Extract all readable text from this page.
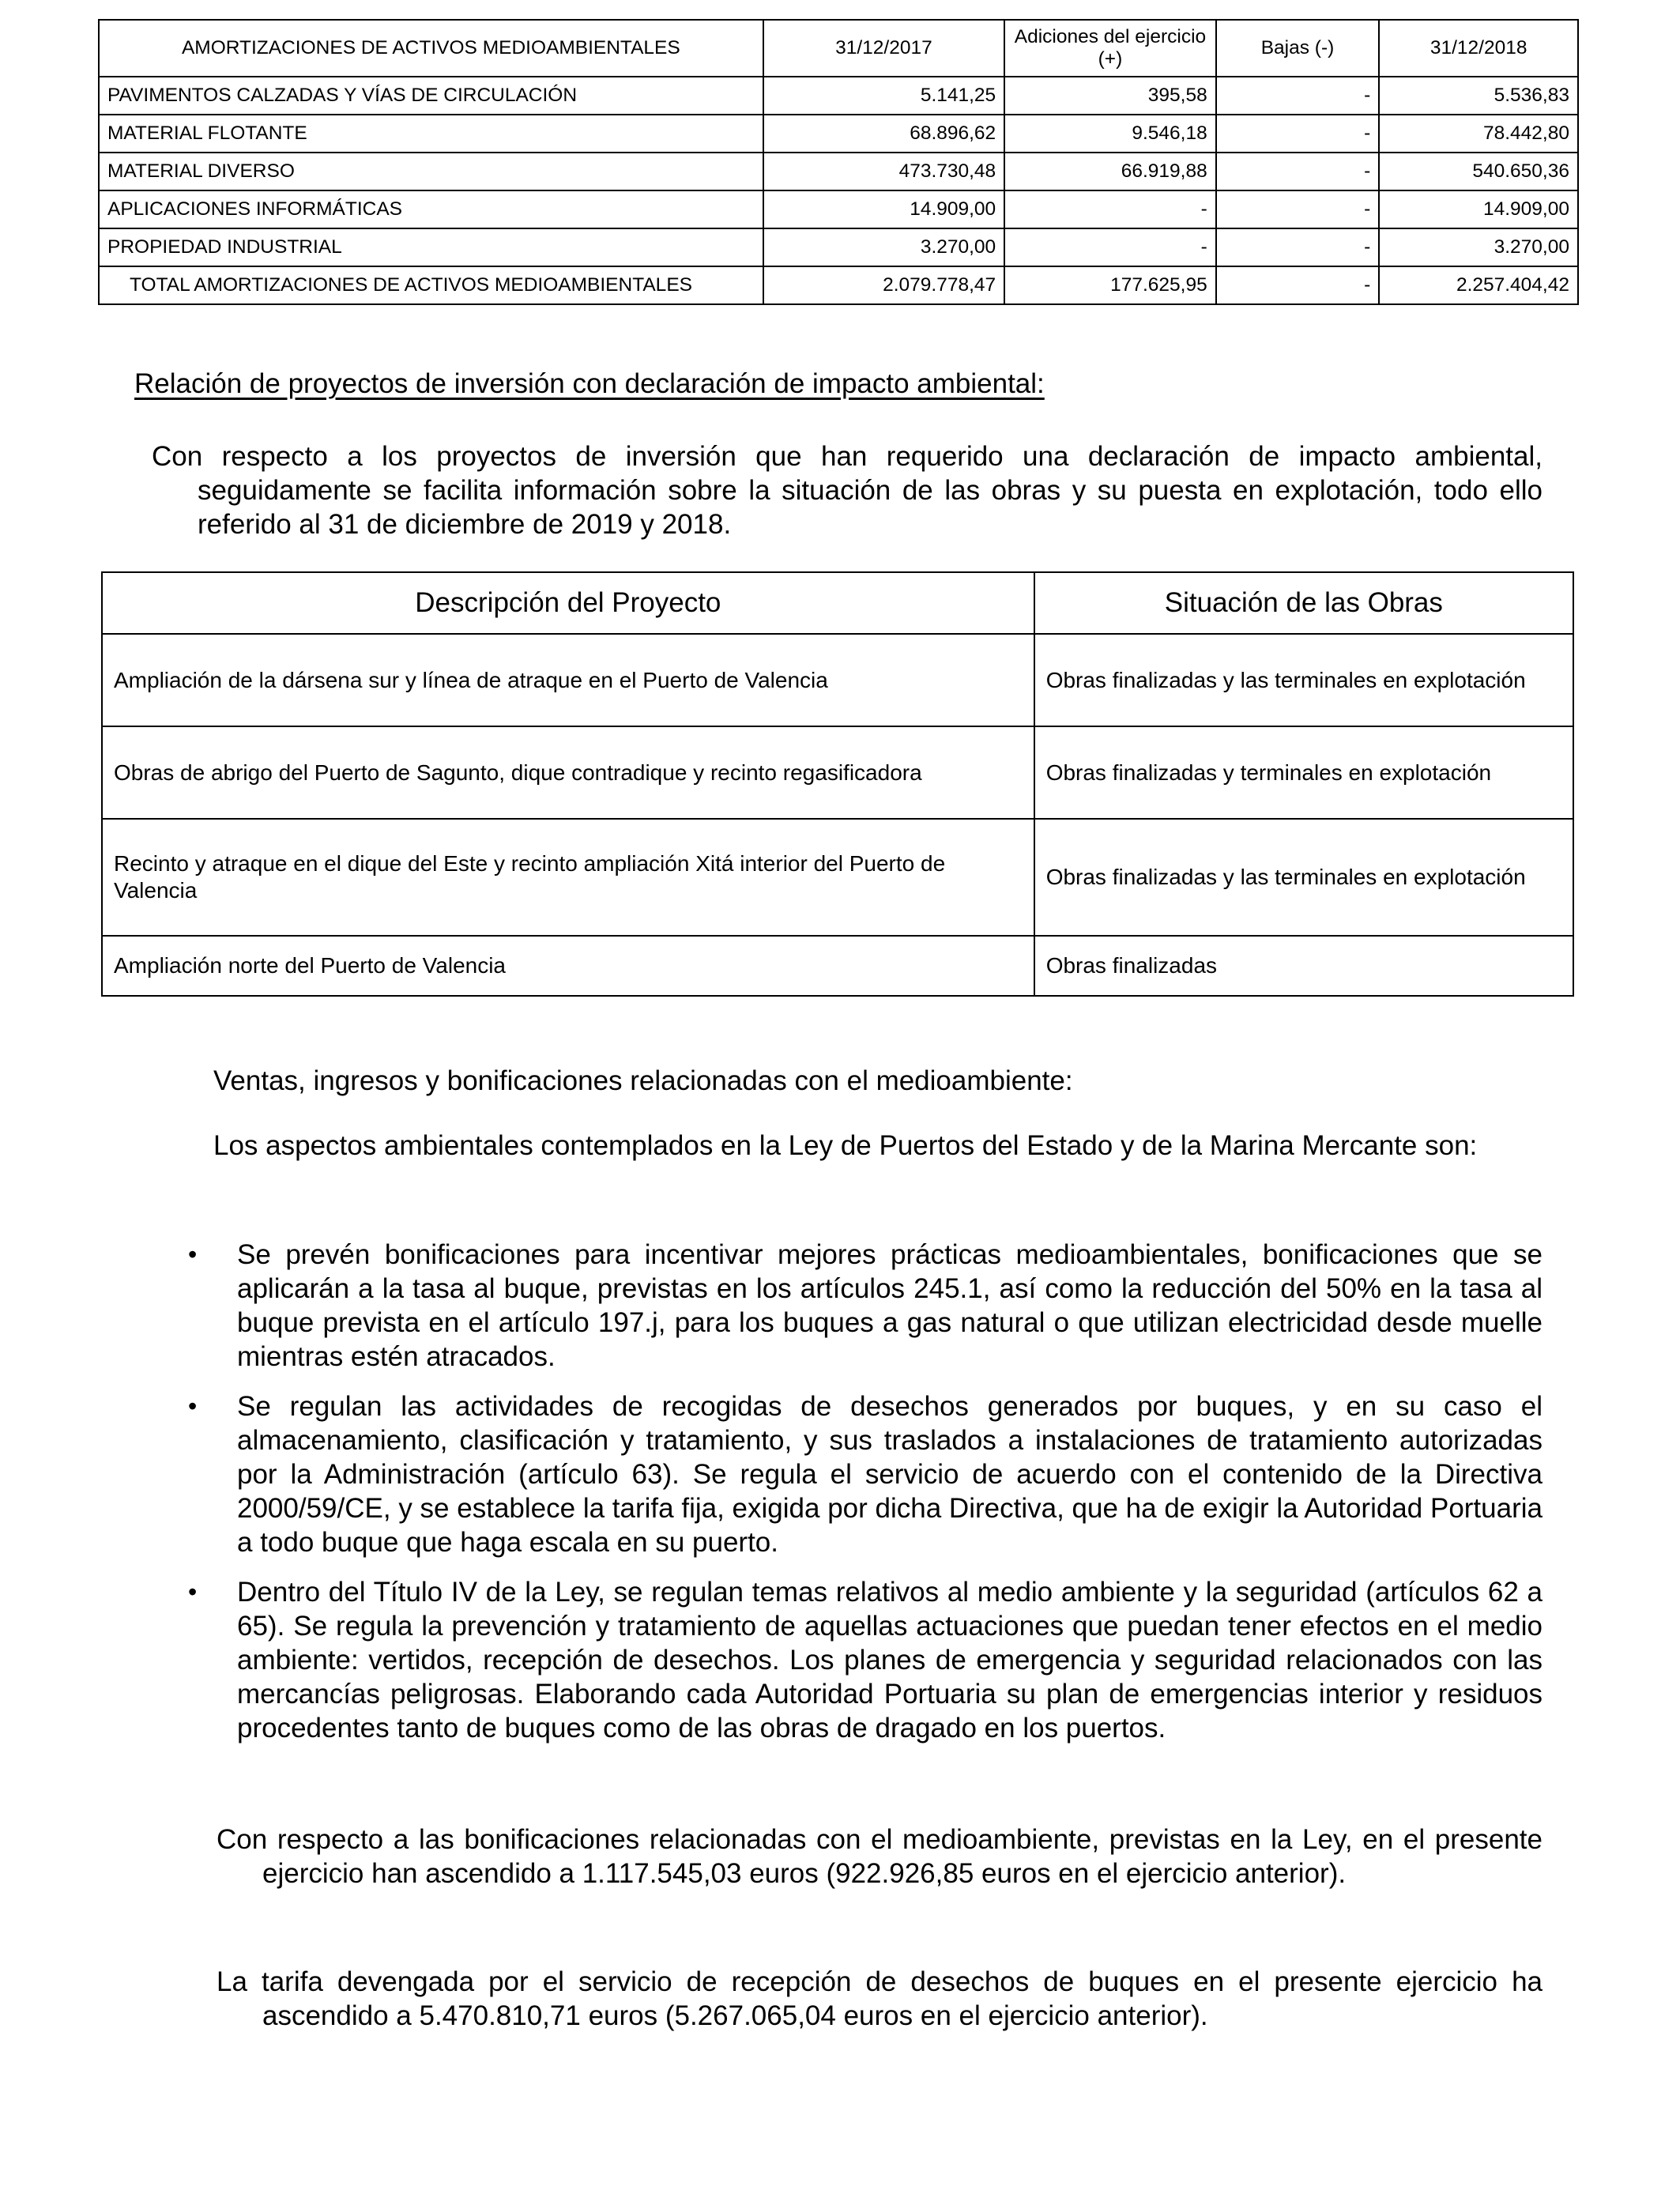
AMORTIZACIONES DE ACTIVOS MEDIOAMBIENTALES	31/12/2017	Adiciones del ejercicio (+)	Bajas (-)	31/12/2018
PAVIMENTOS CALZADAS Y VÍAS DE CIRCULACIÓN	5.141,25	395,58	-	5.536,83
MATERIAL FLOTANTE	68.896,62	9.546,18	-	78.442,80
MATERIAL DIVERSO	473.730,48	66.919,88	-	540.650,36
APLICACIONES INFORMÁTICAS	14.909,00	-	-	14.909,00
PROPIEDAD INDUSTRIAL	3.270,00	-	-	3.270,00
TOTAL AMORTIZACIONES DE ACTIVOS MEDIOAMBIENTALES	2.079.778,47	177.625,95	-	2.257.404,42
Relación de proyectos de inversión con declaración de impacto ambiental:
Con respecto a los proyectos de inversión que han requerido una declaración de impacto ambiental, seguidamente se facilita información sobre la situación de las obras y su puesta en explotación, todo ello referido al 31 de diciembre de 2019 y 2018.
Descripción del Proyecto	Situación de las Obras
Ampliación de la dársena sur y línea de atraque en el Puerto de Valencia	Obras finalizadas y las terminales en explotación
Obras de abrigo del Puerto de Sagunto, dique contradique y recinto regasificadora	Obras finalizadas y terminales en explotación
Recinto y atraque en el dique del Este y recinto ampliación Xitá interior del Puerto de Valencia	Obras finalizadas y las terminales en explotación
Ampliación norte del Puerto de Valencia	Obras finalizadas
Ventas, ingresos y bonificaciones relacionadas con el medioambiente:
Los aspectos ambientales contemplados en la Ley de Puertos del Estado y de la Marina Mercante son:
• Se prevén bonificaciones para incentivar mejores prácticas medioambientales, bonificaciones que se aplicarán a la tasa al buque, previstas en los artículos 245.1, así como la reducción del 50% en la tasa al buque prevista en el artículo 197.j, para los buques a gas natural o que utilizan electricidad desde muelle mientras estén atracados.
• Se regulan las actividades de recogidas de desechos generados por buques, y en su caso el almacenamiento, clasificación y tratamiento, y sus traslados a instalaciones de tratamiento autorizadas por la Administración (artículo 63). Se regula el servicio de acuerdo con el contenido de la Directiva 2000/59/CE, y se establece la tarifa fija, exigida por dicha Directiva, que ha de exigir la Autoridad Portuaria a todo buque que haga escala en su puerto.
• Dentro del Título IV de la Ley, se regulan temas relativos al medio ambiente y la seguridad (artículos 62 a 65). Se regula la prevención y tratamiento de aquellas actuaciones que puedan tener efectos en el medio ambiente: vertidos, recepción de desechos. Los planes de emergencia y seguridad relacionados con las mercancías peligrosas. Elaborando cada Autoridad Portuaria su plan de emergencias interior y residuos procedentes tanto de buques como de las obras de dragado en los puertos.
Con respecto a las bonificaciones relacionadas con el medioambiente, previstas en la Ley, en el presente ejercicio han ascendido a 1.117.545,03 euros (922.926,85 euros en el ejercicio anterior).
La tarifa devengada por el servicio de recepción de desechos de buques en el presente ejercicio ha ascendido a 5.470.810,71 euros (5.267.065,04 euros en el ejercicio anterior).
